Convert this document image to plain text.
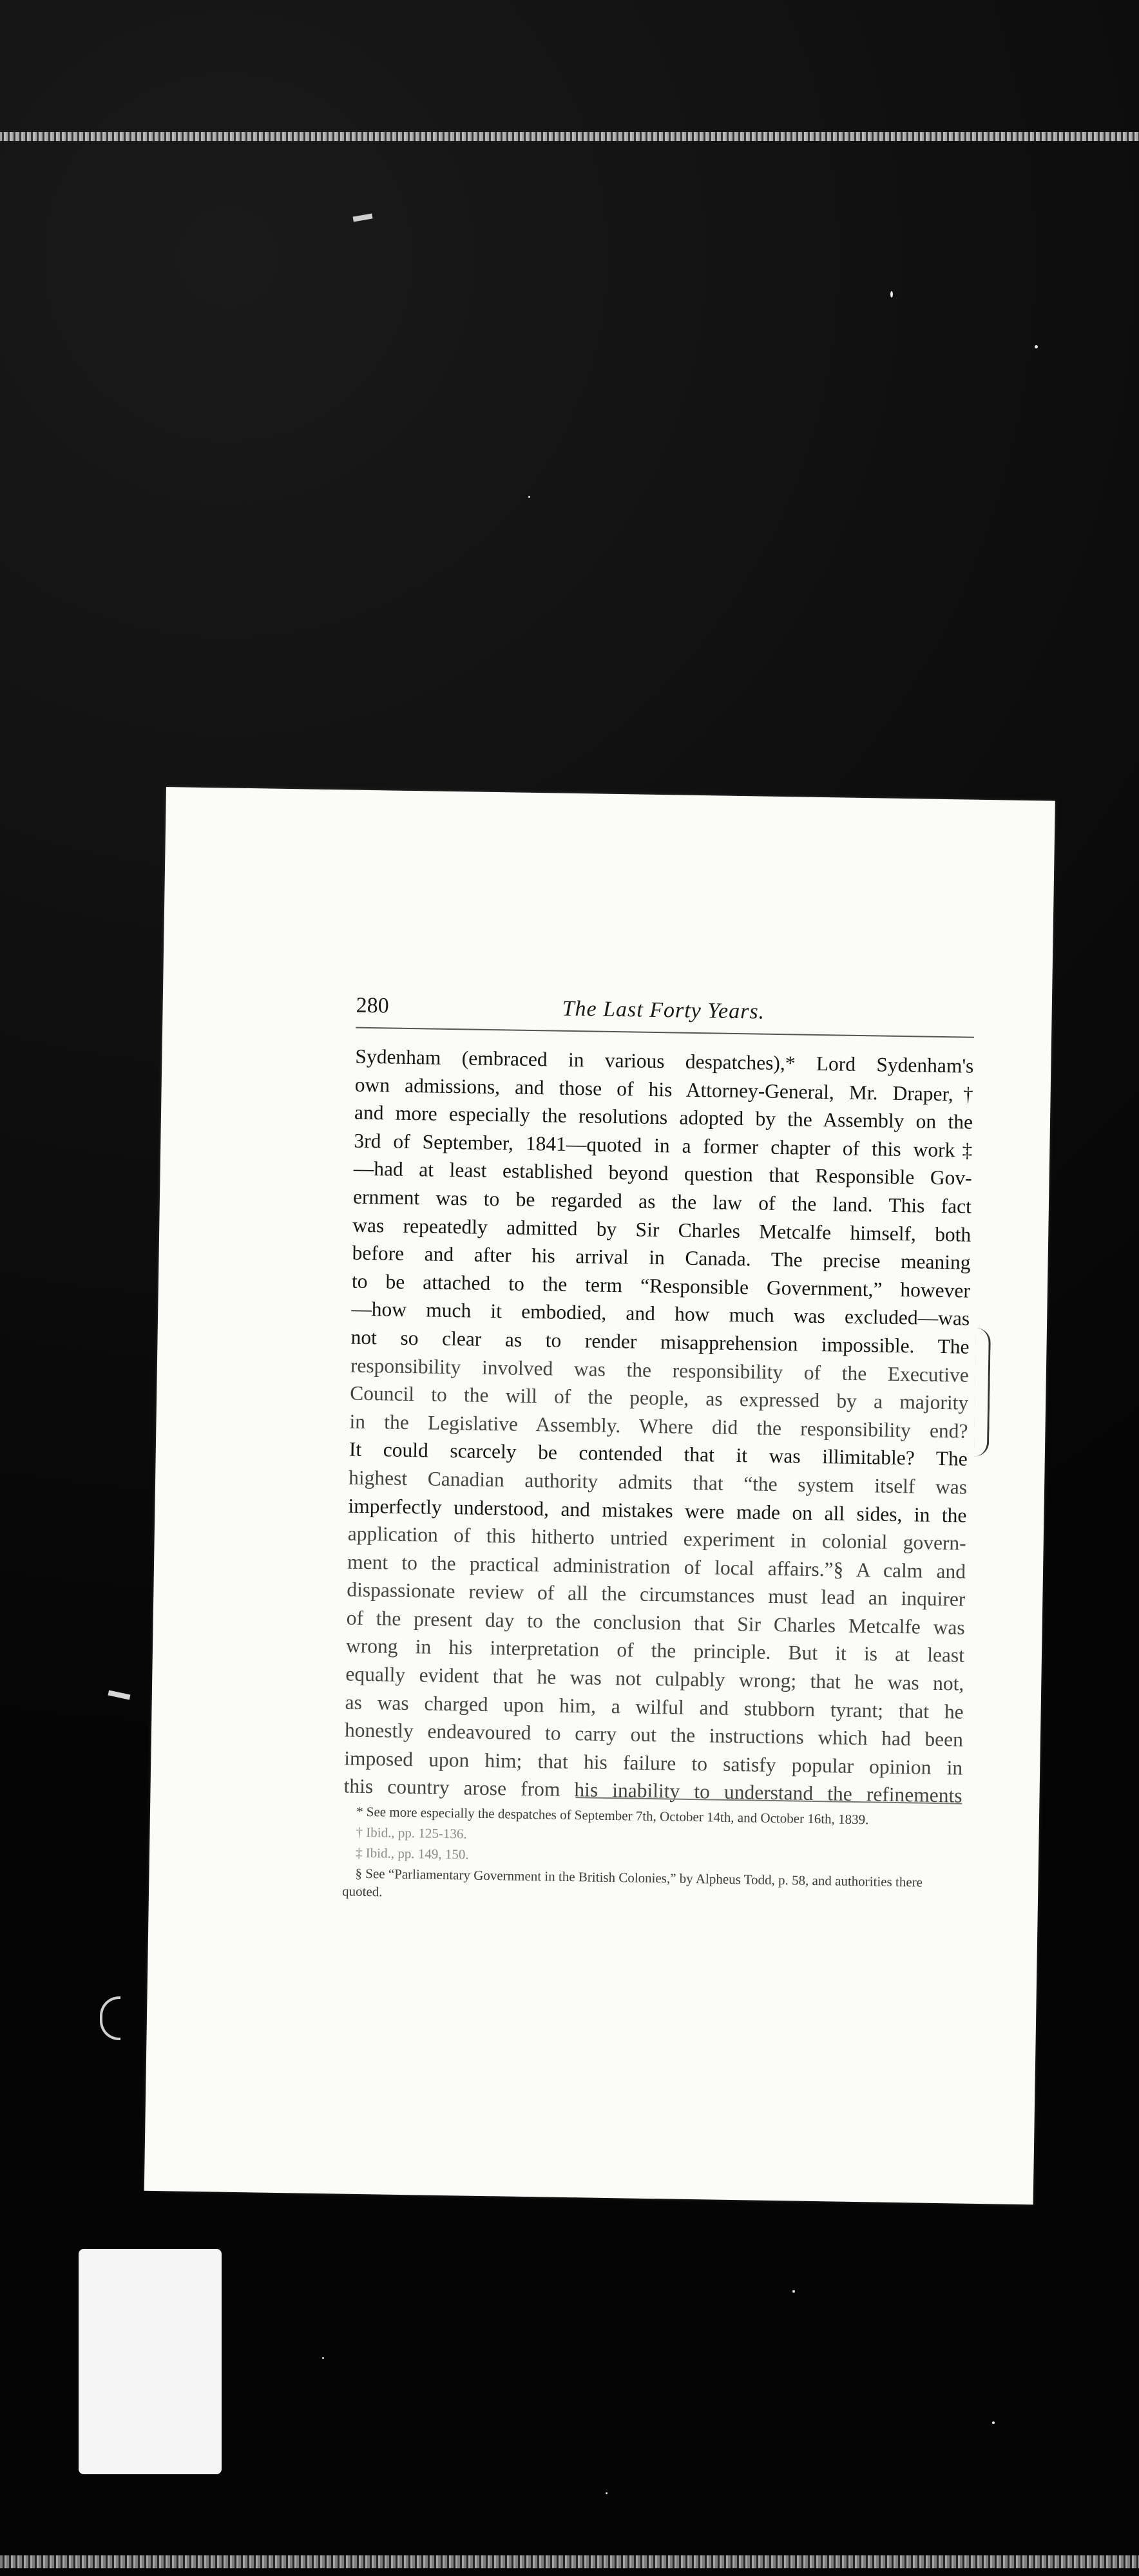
280	The Last Forty Years.
Sydenham (embraced in various despatches),* Lord Sydenham's
own admissions, and those of his Attorney-General, Mr. Draper,†
and more especially the resolutions adopted by the Assembly on the
3rd of September, 1841—quoted in a former chapter of this work‡
—had at least established beyond question that Responsible Gov-
ernment was to be regarded as the law of the land. This fact
was repeatedly admitted by Sir Charles Metcalfe himself, both
before and after his arrival in Canada. The precise meaning
to be attached to the term “Responsible Government,” however
—how much it embodied, and how much was excluded—was
not so clear as to render misapprehension impossible. The
responsibility involved was the responsibility of the Executive
Council to the will of the people, as expressed by a majority
in the Legislative Assembly. Where did the responsibility end?
It could scarcely be contended that it was illimitable? The
highest Canadian authority admits that “the system itself was
imperfectly understood, and mistakes were made on all sides, in the
application of this hitherto untried experiment in colonial govern-
ment to the practical administration of local affairs.”§ A calm and
dispassionate review of all the circumstances must lead an inquirer
of the present day to the conclusion that Sir Charles Metcalfe was
wrong in his interpretation of the principle. But it is at least
equally evident that he was not culpably wrong; that he was not,
as was charged upon him, a wilful and stubborn tyrant; that he
honestly endeavoured to carry out the instructions which had been
imposed upon him; that his failure to satisfy popular opinion in
this country arose from his inability to understand the refinements
* See more especially the despatches of September 7th, October 14th, and October 16th, 1839.
† Ibid., pp. 125-136.
‡ Ibid., pp. 149, 150.
§ See “Parliamentary Government in the British Colonies,” by Alpheus Todd, p. 58, and authorities there quoted.
